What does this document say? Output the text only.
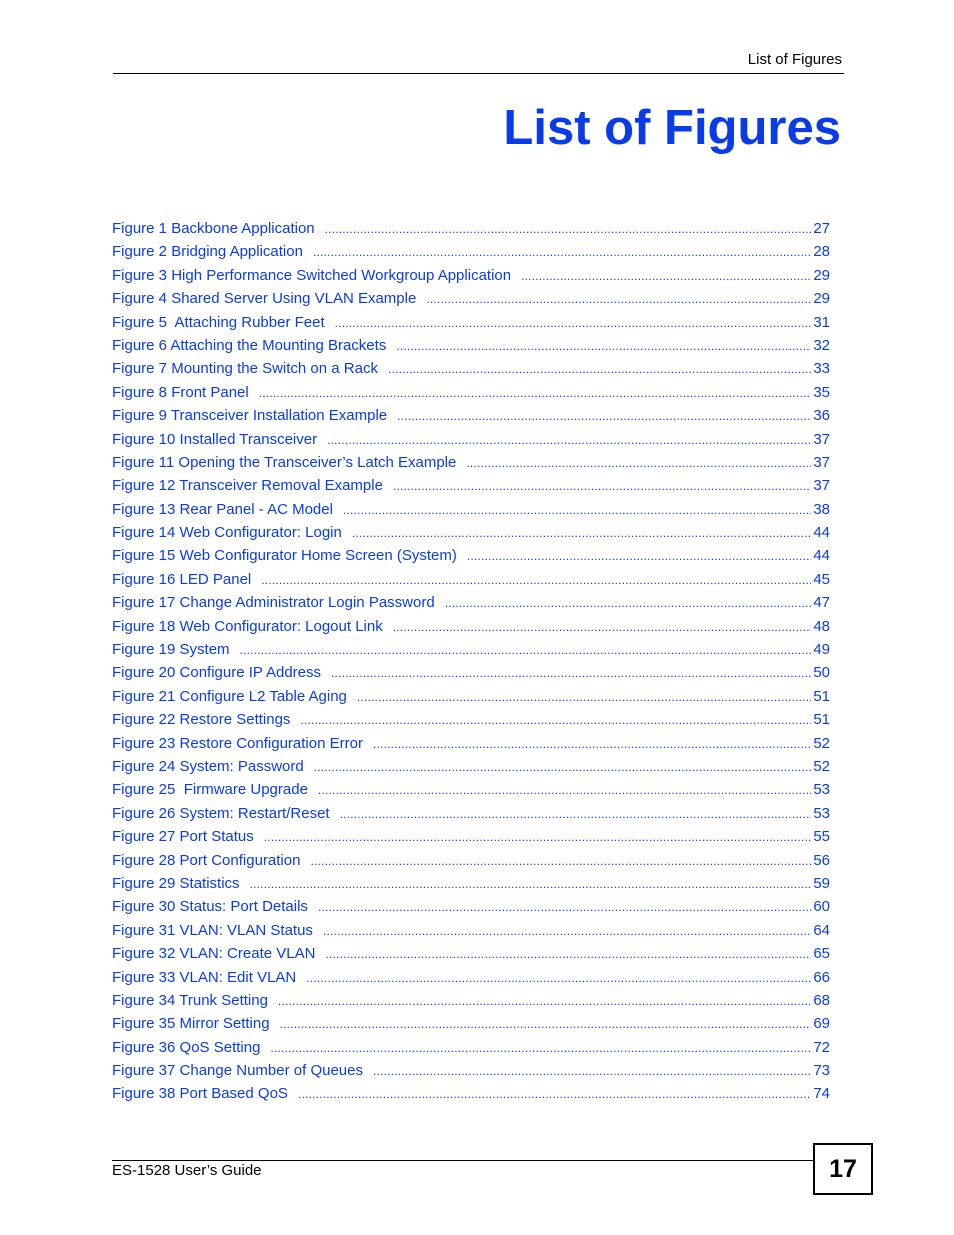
List of Figures
List of Figures
Figure 1 Backbone Application .....	27
Figure 2 Bridging Application .....	28
Figure 3 High Performance Switched Workgroup Application .....	29
Figure 4 Shared Server Using VLAN Example .....	29
Figure 5  Attaching Rubber Feet .....	31
Figure 6 Attaching the Mounting Brackets .....	32
Figure 7 Mounting the Switch on a Rack .....	33
Figure 8 Front Panel .....	35
Figure 9 Transceiver Installation Example .....	36
Figure 10 Installed Transceiver .....	37
Figure 11 Opening the Transceiver’s Latch Example .....	37
Figure 12 Transceiver Removal Example .....	37
Figure 13 Rear Panel - AC Model .....	38
Figure 14 Web Configurator: Login .....	44
Figure 15 Web Configurator Home Screen (System) .....	44
Figure 16 LED Panel .....	45
Figure 17 Change Administrator Login Password .....	47
Figure 18 Web Configurator: Logout Link .....	48
Figure 19 System .....	49
Figure 20 Configure IP Address .....	50
Figure 21 Configure L2 Table Aging .....	51
Figure 22 Restore Settings .....	51
Figure 23 Restore Configuration Error .....	52
Figure 24 System: Password .....	52
Figure 25  Firmware Upgrade .....	53
Figure 26 System: Restart/Reset .....	53
Figure 27 Port Status .....	55
Figure 28 Port Configuration .....	56
Figure 29 Statistics .....	59
Figure 30 Status: Port Details .....	60
Figure 31 VLAN: VLAN Status .....	64
Figure 32 VLAN: Create VLAN .....	65
Figure 33 VLAN: Edit VLAN .....	66
Figure 34 Trunk Setting .....	68
Figure 35 Mirror Setting .....	69
Figure 36 QoS Setting .....	72
Figure 37 Change Number of Queues .....	73
Figure 38 Port Based QoS .....	74
ES-1528 User’s Guide	17
